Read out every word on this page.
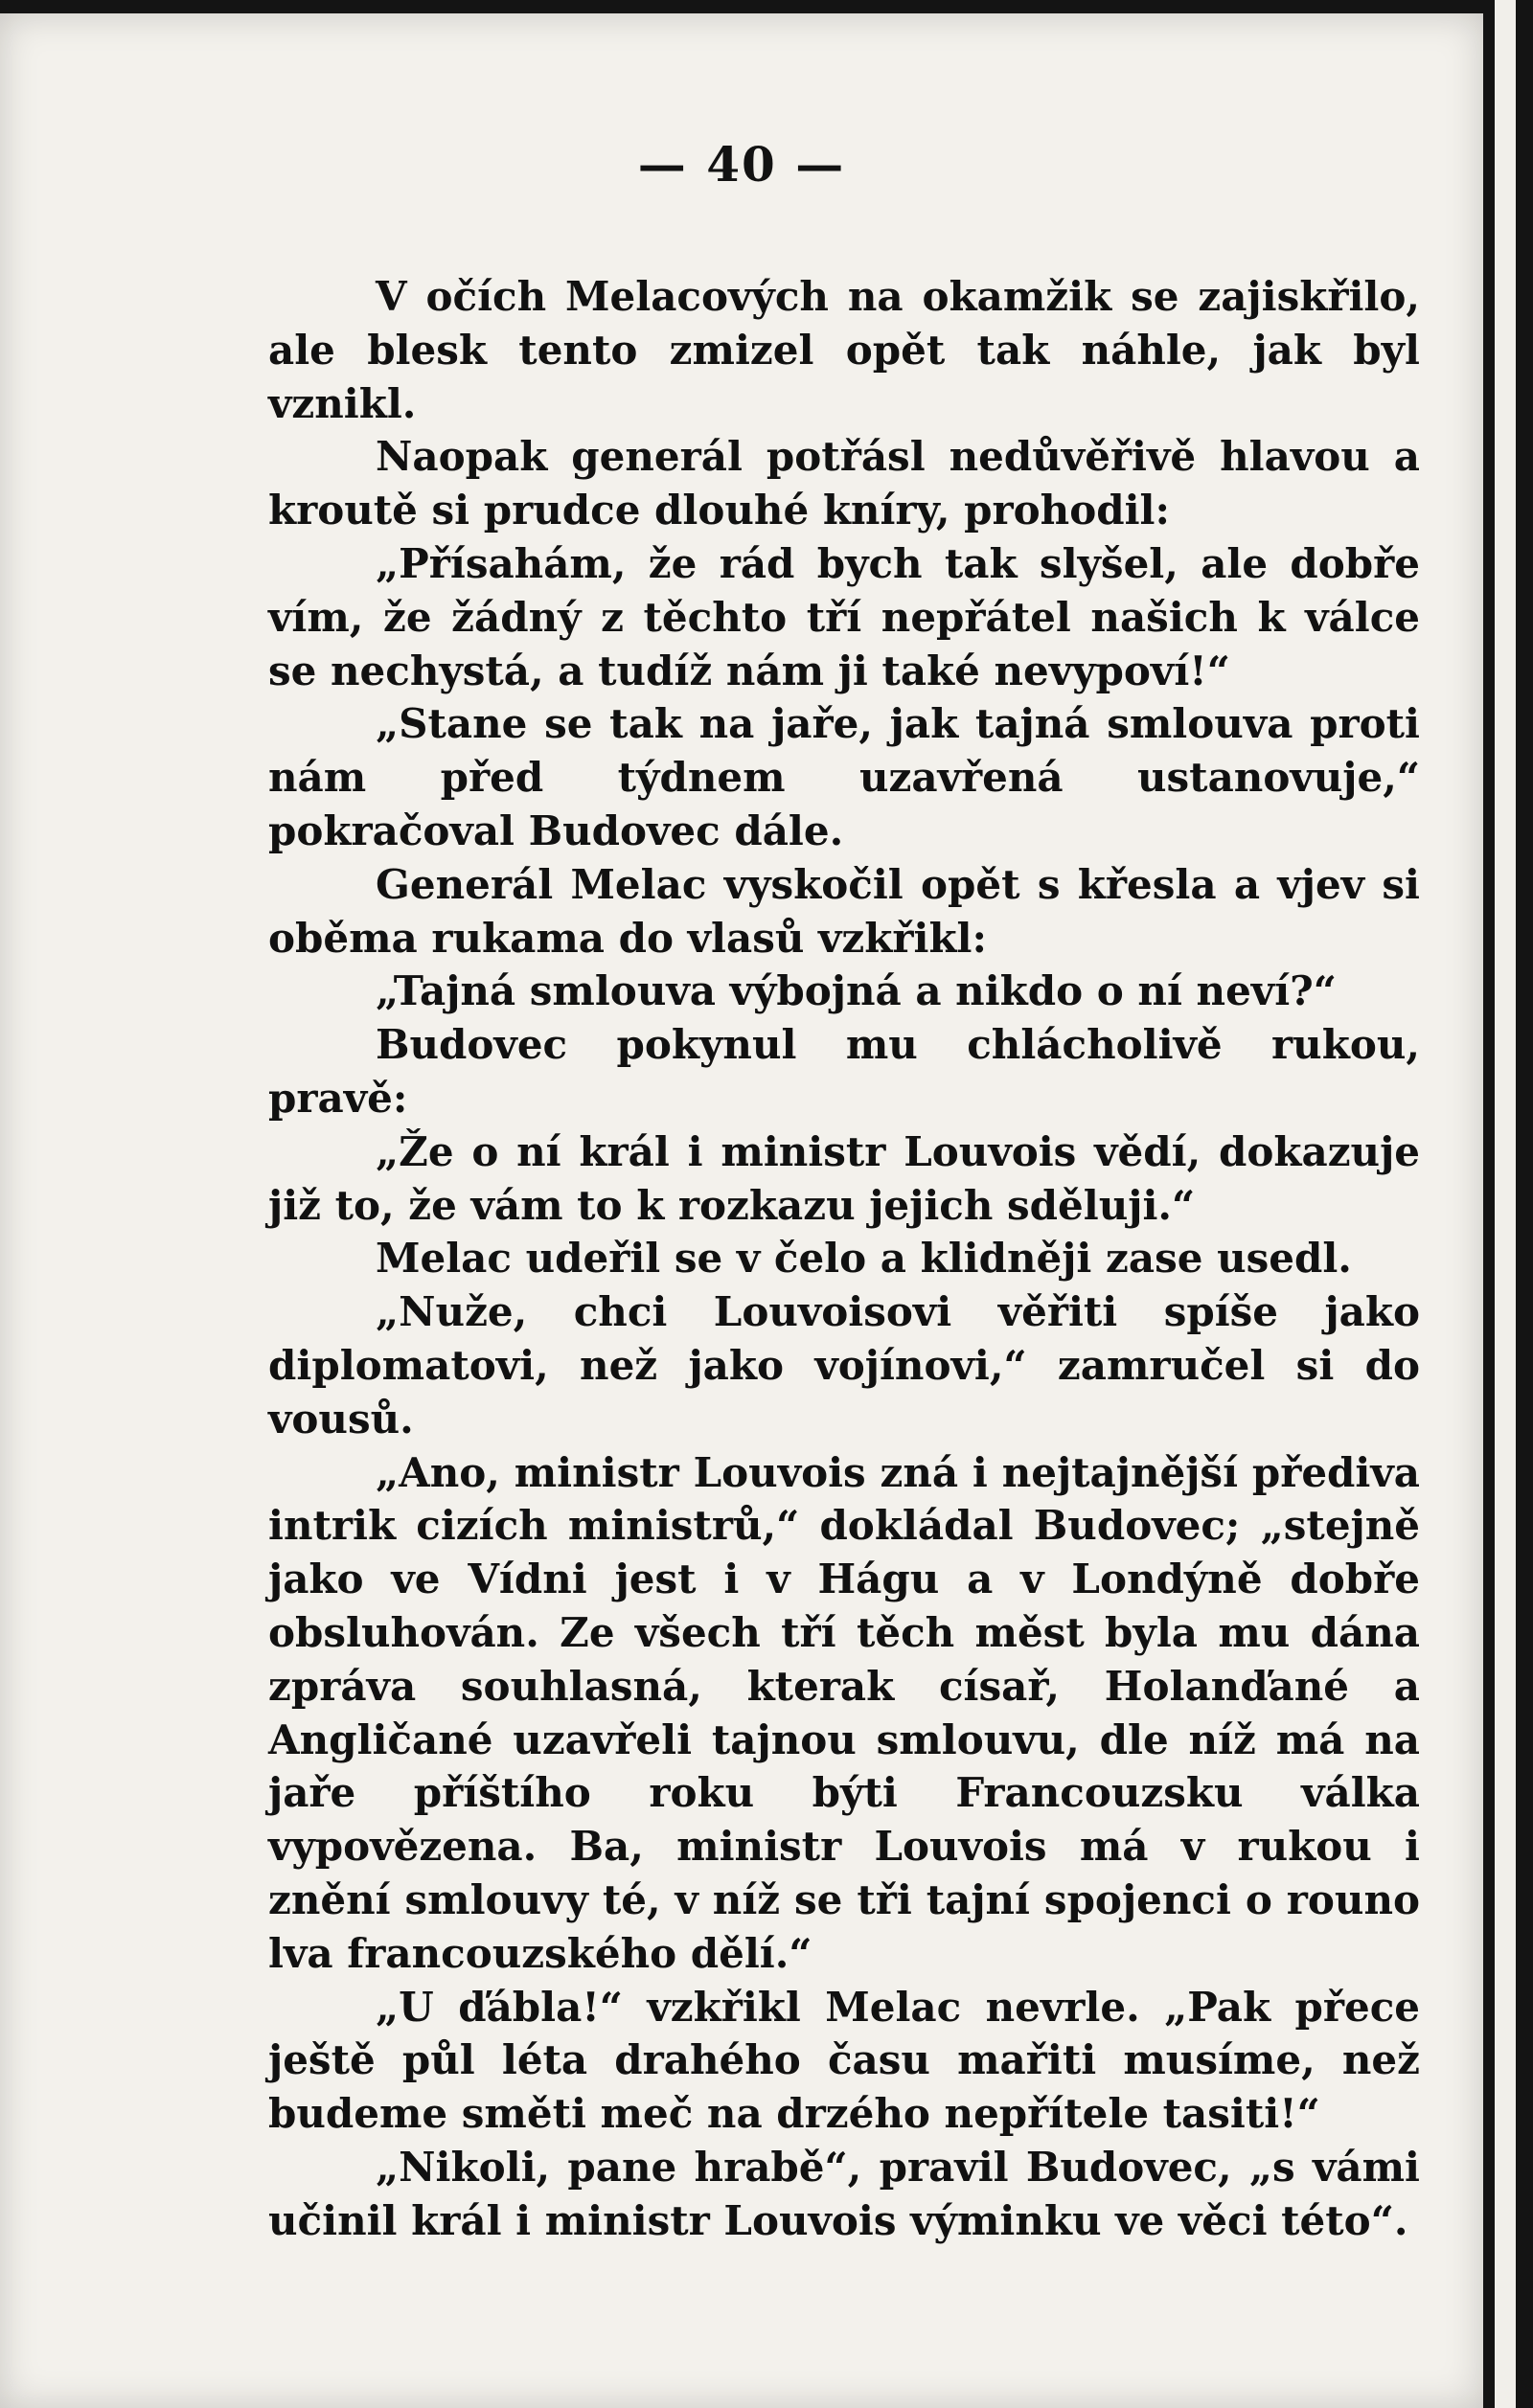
— 40 —

V očích Melacových na okamžik se zajiskřilo, ale blesk tento zmizel opět tak náhle, jak byl vznikl.

Naopak generál potřásl nedůvěřivě hlavou a kroutě si prudce dlouhé kníry, prohodil:

„Přísahám, že rád bych tak slyšel, ale dobře vím, že žádný z těchto tří nepřátel našich k válce se nechystá, a tudíž nám ji také nevypoví!“

„Stane se tak na jaře, jak tajná smlouva proti nám před týdnem uzavřená ustanovuje,“ pokračoval Budovec dále.

Generál Melac vyskočil opět s křesla a vjev si oběma rukama do vlasů vzkřikl:

„Tajná smlouva výbojná a nikdo o ní neví?“

Budovec pokynul mu chlácholivě rukou, pravě:

„Že o ní král i ministr Louvois vědí, dokazuje již to, že vám to k rozkazu jejich sděluji.“

Melac udeřil se v čelo a klidněji zase usedl.

„Nuže, chci Louvoisovi věřiti spíše jako diplomatovi, než jako vojínovi,“ zamručel si do vousů.

„Ano, ministr Louvois zná i nejtajnější předivа intrik cizích ministrů,“ dokládal Budovec; „stejně jako ve Vídni jest i v Hágu a v Londýně dobře obsluhován. Ze všech tří těch měst byla mu dána zpráva souhlasná, kterak císař, Holanďané a Angličané uzavřeli tajnou smlouvu, dle níž má na jaře příštího roku býti Francouzsku válka vypovězena. Ba, ministr Louvois má v rukou i znění smlouvy té, v níž se tři tajní spojenci o rouno lva francouzského dělí.“

„U ďábla!“ vzkřikl Melac nevrle. „Pak přece ještě půl léta drahého času mařiti musíme, než budeme směti meč na drzého nepřítele tasiti!“

„Nikoli, pane hrabě“, pravil Budovec, „s vámi učinil král i ministr Louvois výminku ve věci této“.
